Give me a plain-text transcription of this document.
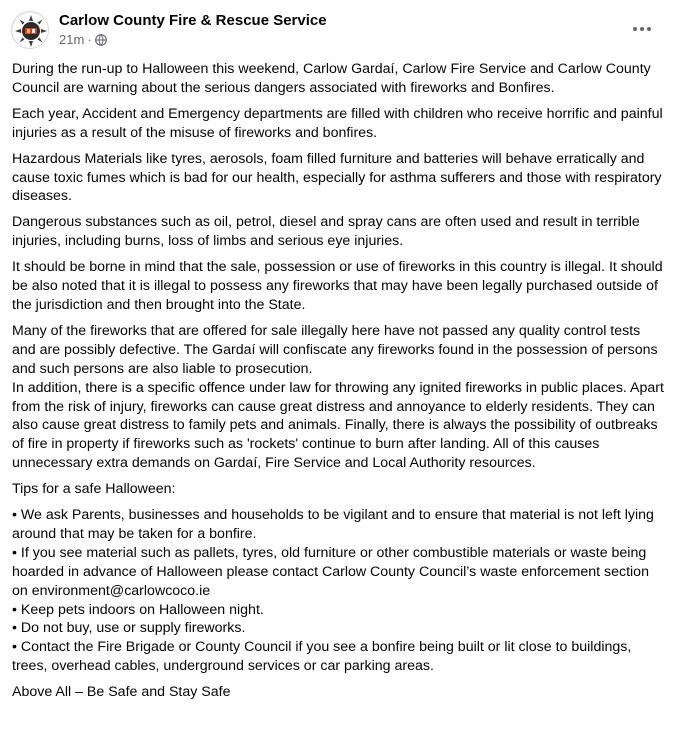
Carlow County Fire & Rescue Service
21m ·

During the run-up to Halloween this weekend, Carlow Gardaí, Carlow Fire Service and Carlow County Council are warning about the serious dangers associated with fireworks and Bonfires.

Each year, Accident and Emergency departments are filled with children who receive horrific and painful injuries as a result of the misuse of fireworks and bonfires.

Hazardous Materials like tyres, aerosols, foam filled furniture and batteries will behave erratically and cause toxic fumes which is bad for our health, especially for asthma sufferers and those with respiratory diseases.

Dangerous substances such as oil, petrol, diesel and spray cans are often used and result in terrible injuries, including burns, loss of limbs and serious eye injuries.

It should be borne in mind that the sale, possession or use of fireworks in this country is illegal. It should be also noted that it is illegal to possess any fireworks that may have been legally purchased outside of the jurisdiction and then brought into the State.

Many of the fireworks that are offered for sale illegally here have not passed any quality control tests and are possibly defective. The Gardaí will confiscate any fireworks found in the possession of persons and such persons are also liable to prosecution.

In addition, there is a specific offence under law for throwing any ignited fireworks in public places. Apart from the risk of injury, fireworks can cause great distress and annoyance to elderly residents. They can also cause great distress to family pets and animals. Finally, there is always the possibility of outbreaks of fire in property if fireworks such as 'rockets' continue to burn after landing. All of this causes unnecessary extra demands on Gardaí, Fire Service and Local Authority resources.

Tips for a safe Halloween:

• We ask Parents, businesses and households to be vigilant and to ensure that material is not left lying around that may be taken for a bonfire.
• If you see material such as pallets, tyres, old furniture or other combustible materials or waste being hoarded in advance of Halloween please contact Carlow County Council’s waste enforcement section on environment@carlowcoco.ie
• Keep pets indoors on Halloween night.
• Do not buy, use or supply fireworks.
• Contact the Fire Brigade or County Council if you see a bonfire being built or lit close to buildings, trees, overhead cables, underground services or car parking areas.

Above All – Be Safe and Stay Safe
